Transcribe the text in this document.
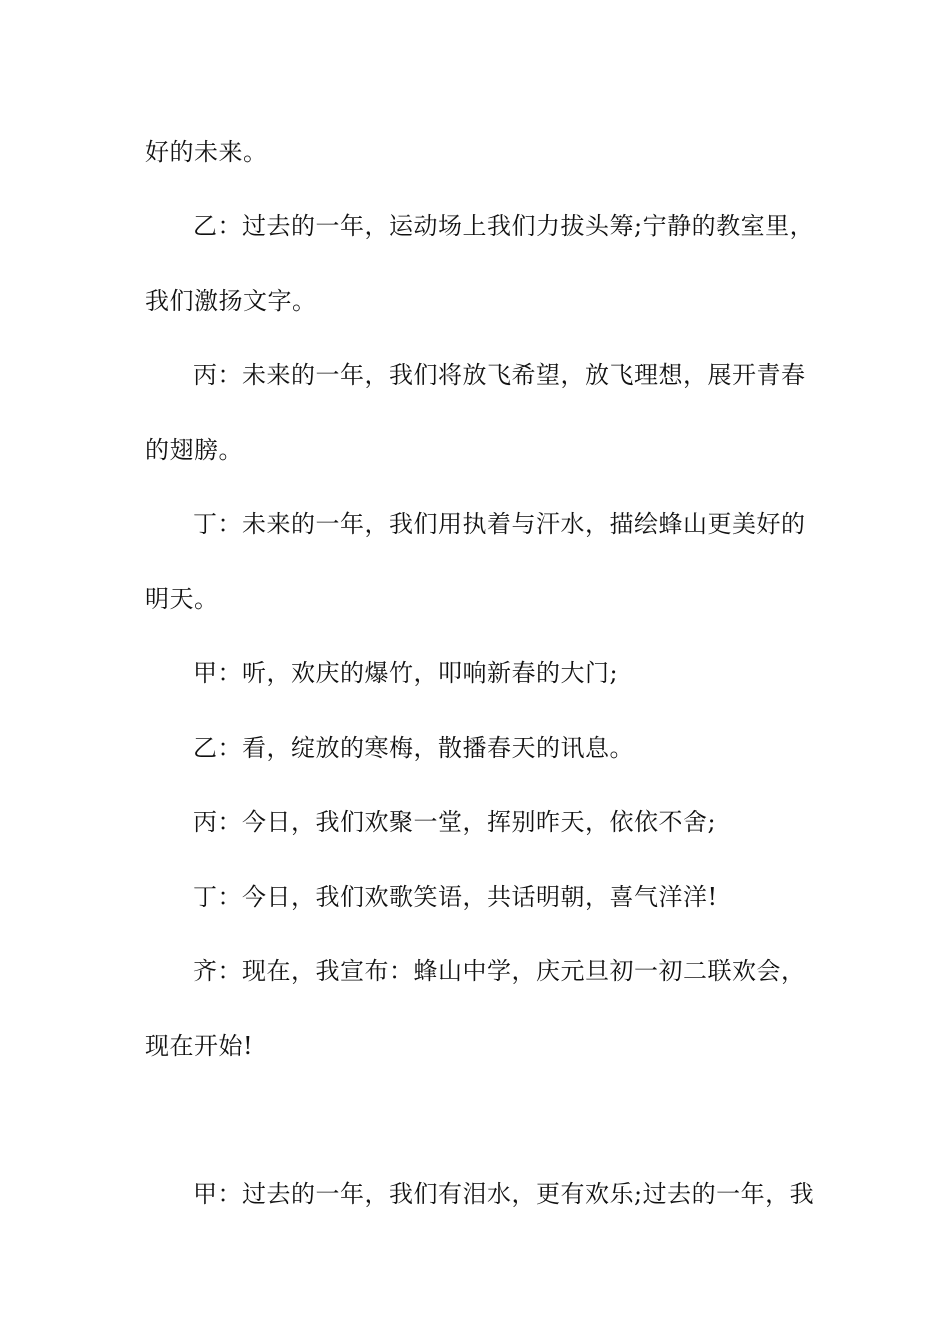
好的未来。
乙：过去的一年，运动场上我们力拔头筹;宁静的教室里，
我们激扬文字。
丙：未来的一年，我们将放飞希望，放飞理想，展开青春
的翅膀。
丁：未来的一年，我们用执着与汗水，描绘蜂山更美好的
明天。
甲：听，欢庆的爆竹，叩响新春的大门;
乙：看，绽放的寒梅，散播春天的讯息。
丙：今日，我们欢聚一堂，挥别昨天，依依不舍;
丁：今日，我们欢歌笑语，共话明朝，喜气洋洋!
齐：现在，我宣布：蜂山中学，庆元旦初一初二联欢会，
现在开始!
甲：过去的一年，我们有泪水，更有欢乐;过去的一年，我
